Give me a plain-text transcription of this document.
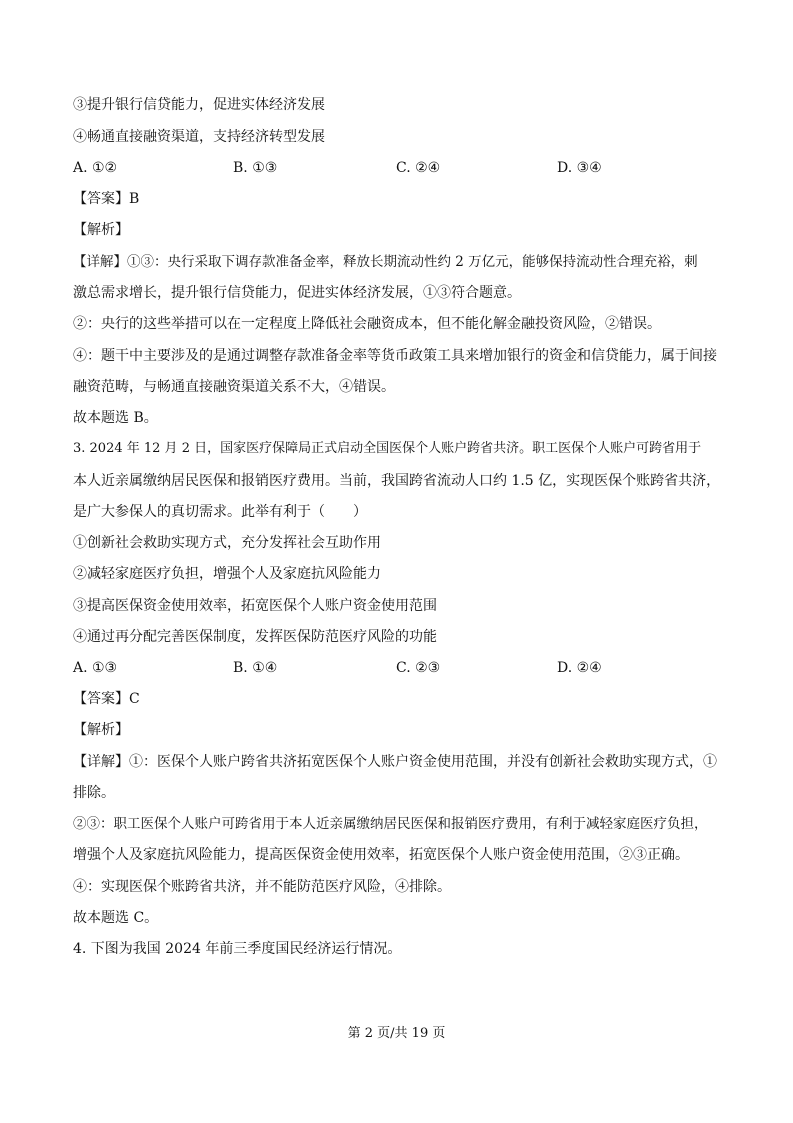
③提升银行信贷能力，促进实体经济发展
④畅通直接融资渠道，支持经济转型发展
A. ①②	B. ①③	C. ②④	D. ③④
【答案】B
【解析】
【详解】①③：央行采取下调存款准备金率，释放长期流动性约 2 万亿元，能够保持流动性合理充裕，刺
激总需求增长，提升银行信贷能力，促进实体经济发展，①③符合题意。
②：央行的这些举措可以在一定程度上降低社会融资成本，但不能化解金融投资风险，②错误。
④：题干中主要涉及的是通过调整存款准备金率等货币政策工具来增加银行的资金和信贷能力，属于间接
融资范畴，与畅通直接融资渠道关系不大，④错误。
故本题选 B。
3. 2024 年 12 月 2 日，国家医疗保障局正式启动全国医保个人账户跨省共济。职工医保个人账户可跨省用于
本人近亲属缴纳居民医保和报销医疗费用。当前，我国跨省流动人口约 1.5 亿，实现医保个账跨省共济，
是广大参保人的真切需求。此举有利于（　　）
①创新社会救助实现方式，充分发挥社会互助作用
②减轻家庭医疗负担，增强个人及家庭抗风险能力
③提高医保资金使用效率，拓宽医保个人账户资金使用范围
④通过再分配完善医保制度，发挥医保防范医疗风险的功能
A. ①③	B. ①④	C. ②③	D. ②④
【答案】C
【解析】
【详解】①：医保个人账户跨省共济拓宽医保个人账户资金使用范围，并没有创新社会救助实现方式，①
排除。
②③：职工医保个人账户可跨省用于本人近亲属缴纳居民医保和报销医疗费用，有利于减轻家庭医疗负担，
增强个人及家庭抗风险能力，提高医保资金使用效率，拓宽医保个人账户资金使用范围，②③正确。
④：实现医保个账跨省共济，并不能防范医疗风险，④排除。
故本题选 C。
4. 下图为我国 2024 年前三季度国民经济运行情况。
第 2 页/共 19 页
